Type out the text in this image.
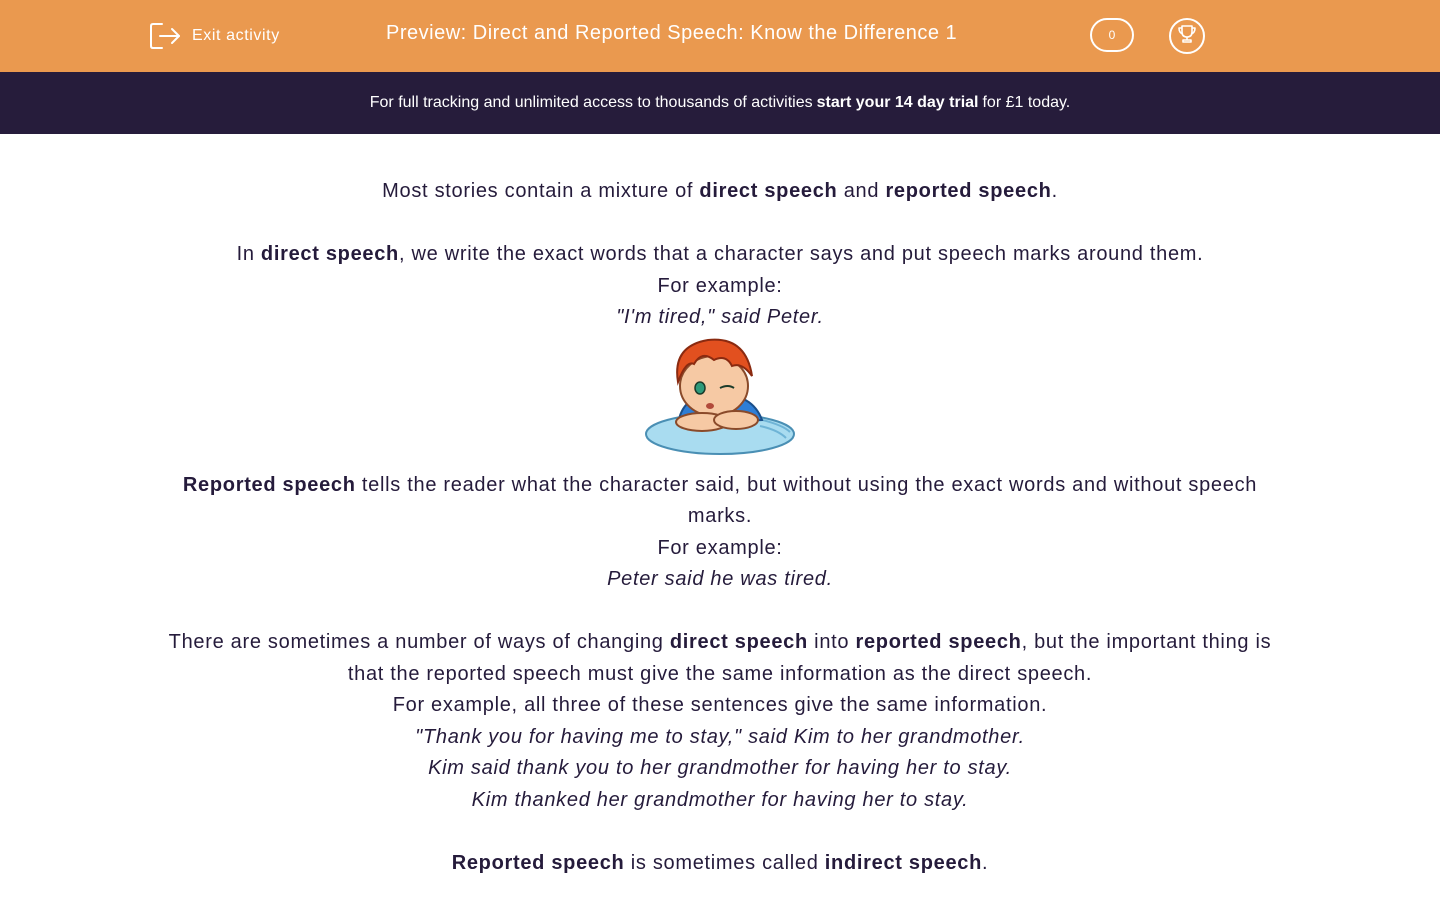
Exit activity	Preview: Direct and Reported Speech: Know the Difference 1	0
For full tracking and unlimited access to thousands of activities start your 14 day trial for £1 today.

Most stories contain a mixture of direct speech and reported speech.

In direct speech, we write the exact words that a character says and put speech marks around them.

For example:

"I'm tired," said Peter.

Reported speech tells the reader what the character said, but without using the exact words and without speech marks.

For example:

Peter said he was tired.

There are sometimes a number of ways of changing direct speech into reported speech, but the important thing is that the reported speech must give the same information as the direct speech.

For example, all three of these sentences give the same information.

"Thank you for having me to stay," said Kim to her grandmother.

Kim said thank you to her grandmother for having her to stay.

Kim thanked her grandmother for having her to stay.

Reported speech is sometimes called indirect speech.
